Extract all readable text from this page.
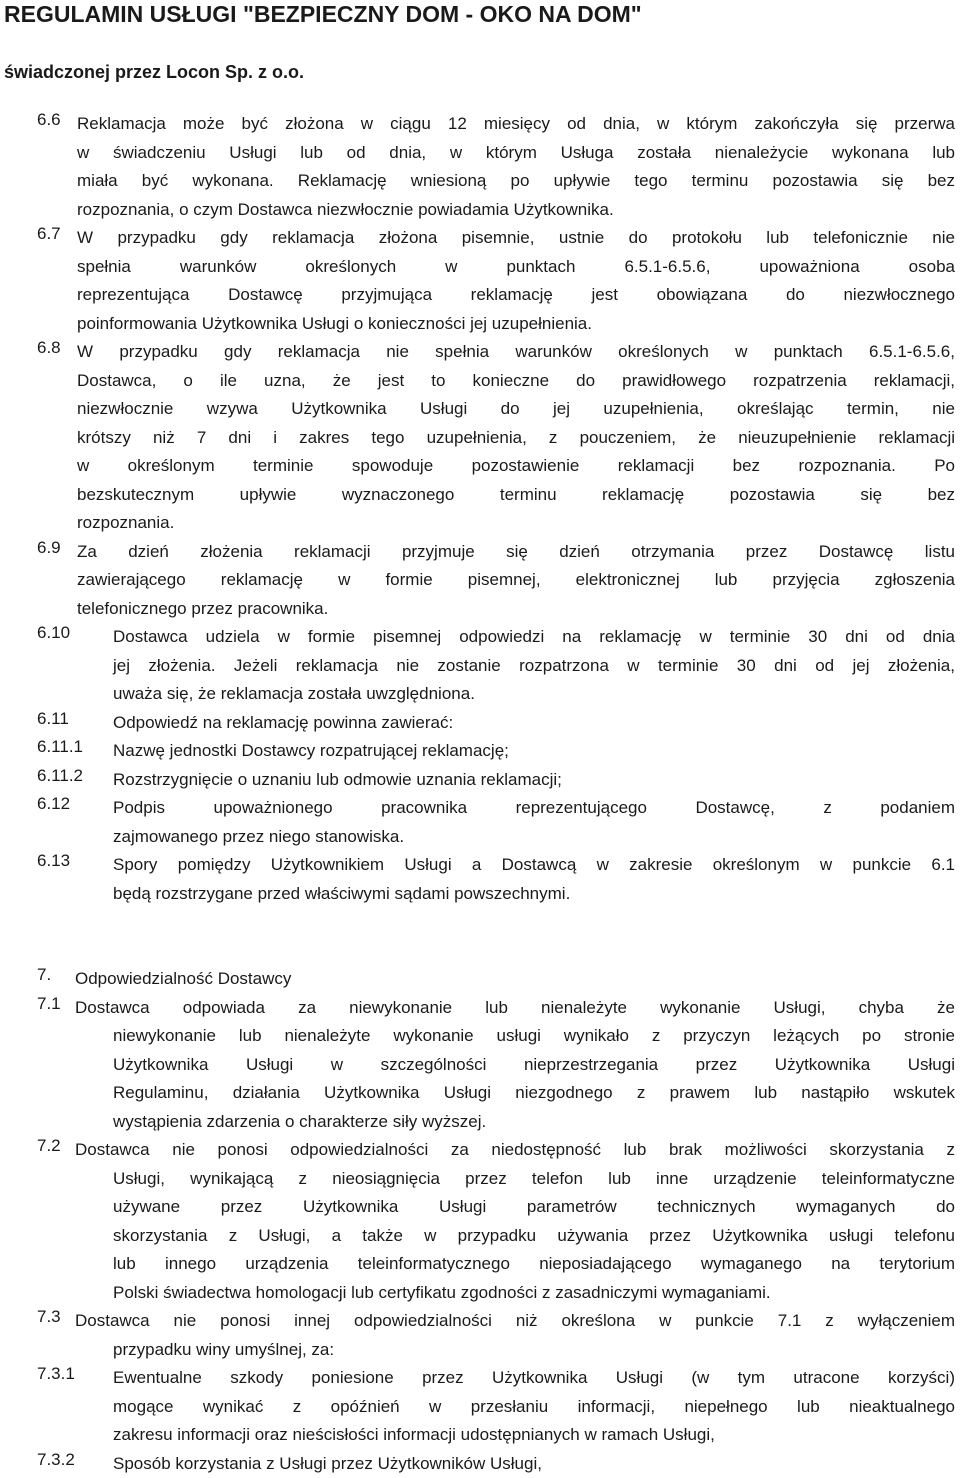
REGULAMIN USŁUGI "BEZPIECZNY DOM - OKO NA DOM"
świadczonej przez Locon Sp. z o.o.
6.6 Reklamacja może być złożona w ciągu 12 miesięcy od dnia, w którym zakończyła się przerwa
w świadczeniu Usługi lub od dnia, w którym Usługa została nienależycie wykonana lub
miała być wykonana. Reklamację wniesioną po upływie tego terminu pozostawia się bez
rozpoznania, o czym Dostawca niezwłocznie powiadamia Użytkownika.
6.7 W przypadku gdy reklamacja złożona pisemnie, ustnie do protokołu lub telefonicznie nie
spełnia warunków określonych w punktach 6.5.1-6.5.6, upoważniona osoba
reprezentująca Dostawcę przyjmująca reklamację jest obowiązana do niezwłocznego
poinformowania Użytkownika Usługi o konieczności jej uzupełnienia.
6.8 W przypadku gdy reklamacja nie spełnia warunków określonych w punktach 6.5.1-6.5.6,
Dostawca, o ile uzna, że jest to konieczne do prawidłowego rozpatrzenia reklamacji,
niezwłocznie wzywa Użytkownika Usługi do jej uzupełnienia, określając termin, nie
krótszy niż 7 dni i zakres tego uzupełnienia, z pouczeniem, że nieuzupełnienie reklamacji
w określonym terminie spowoduje pozostawienie reklamacji bez rozpoznania. Po
bezskutecznym upływie wyznaczonego terminu reklamację pozostawia się bez
rozpoznania.
6.9 Za dzień złożenia reklamacji przyjmuje się dzień otrzymania przez Dostawcę listu
zawierającego reklamację w formie pisemnej, elektronicznej lub przyjęcia zgłoszenia
telefonicznego przez pracownika.
6.10	Dostawca udziela w formie pisemnej odpowiedzi na reklamację w terminie 30 dni od dnia
jej złożenia. Jeżeli reklamacja nie zostanie rozpatrzona w terminie 30 dni od jej złożenia,
uważa się, że reklamacja została uwzględniona.
6.11	Odpowiedź na reklamację powinna zawierać:
6.11.1	Nazwę jednostki Dostawcy rozpatrującej reklamację;
6.11.2	Rozstrzygnięcie o uznaniu lub odmowie uznania reklamacji;
6.12	Podpis upoważnionego pracownika reprezentującego Dostawcę, z podaniem
zajmowanego przez niego stanowiska.
6.13	Spory pomiędzy Użytkownikiem Usługi a Dostawcą w zakresie określonym w punkcie 6.1
będą rozstrzygane przed właściwymi sądami powszechnymi.
7.	Odpowiedzialność Dostawcy
7.1 Dostawca odpowiada za niewykonanie lub nienależyte wykonanie Usługi, chyba że
niewykonanie lub nienależyte wykonanie usługi wynikało z przyczyn leżących po stronie
Użytkownika Usługi w szczególności nieprzestrzegania przez Użytkownika Usługi
Regulaminu, działania Użytkownika Usługi niezgodnego z prawem lub nastąpiło wskutek
wystąpienia zdarzenia o charakterze siły wyższej.
7.2 Dostawca nie ponosi odpowiedzialności za niedostępność lub brak możliwości skorzystania z
Usługi, wynikającą z nieosiągnięcia przez telefon lub inne urządzenie teleinformatyczne
używane przez Użytkownika Usługi parametrów technicznych wymaganych do
skorzystania z Usługi, a także w przypadku używania przez Użytkownika usługi telefonu
lub innego urządzenia teleinformatycznego nieposiadającego wymaganego na terytorium
Polski świadectwa homologacji lub certyfikatu zgodności z zasadniczymi wymaganiami.
7.3 Dostawca nie ponosi innej odpowiedzialności niż określona w punkcie 7.1 z wyłączeniem
przypadku winy umyślnej, za:
7.3.1	Ewentualne szkody poniesione przez Użytkownika Usługi (w tym utracone korzyści)
mogące wynikać z opóźnień w przesłaniu informacji, niepełnego lub nieaktualnego
zakresu informacji oraz nieścisłości informacji udostępnianych w ramach Usługi,
7.3.2	Sposób korzystania z Usługi przez Użytkowników Usługi,
